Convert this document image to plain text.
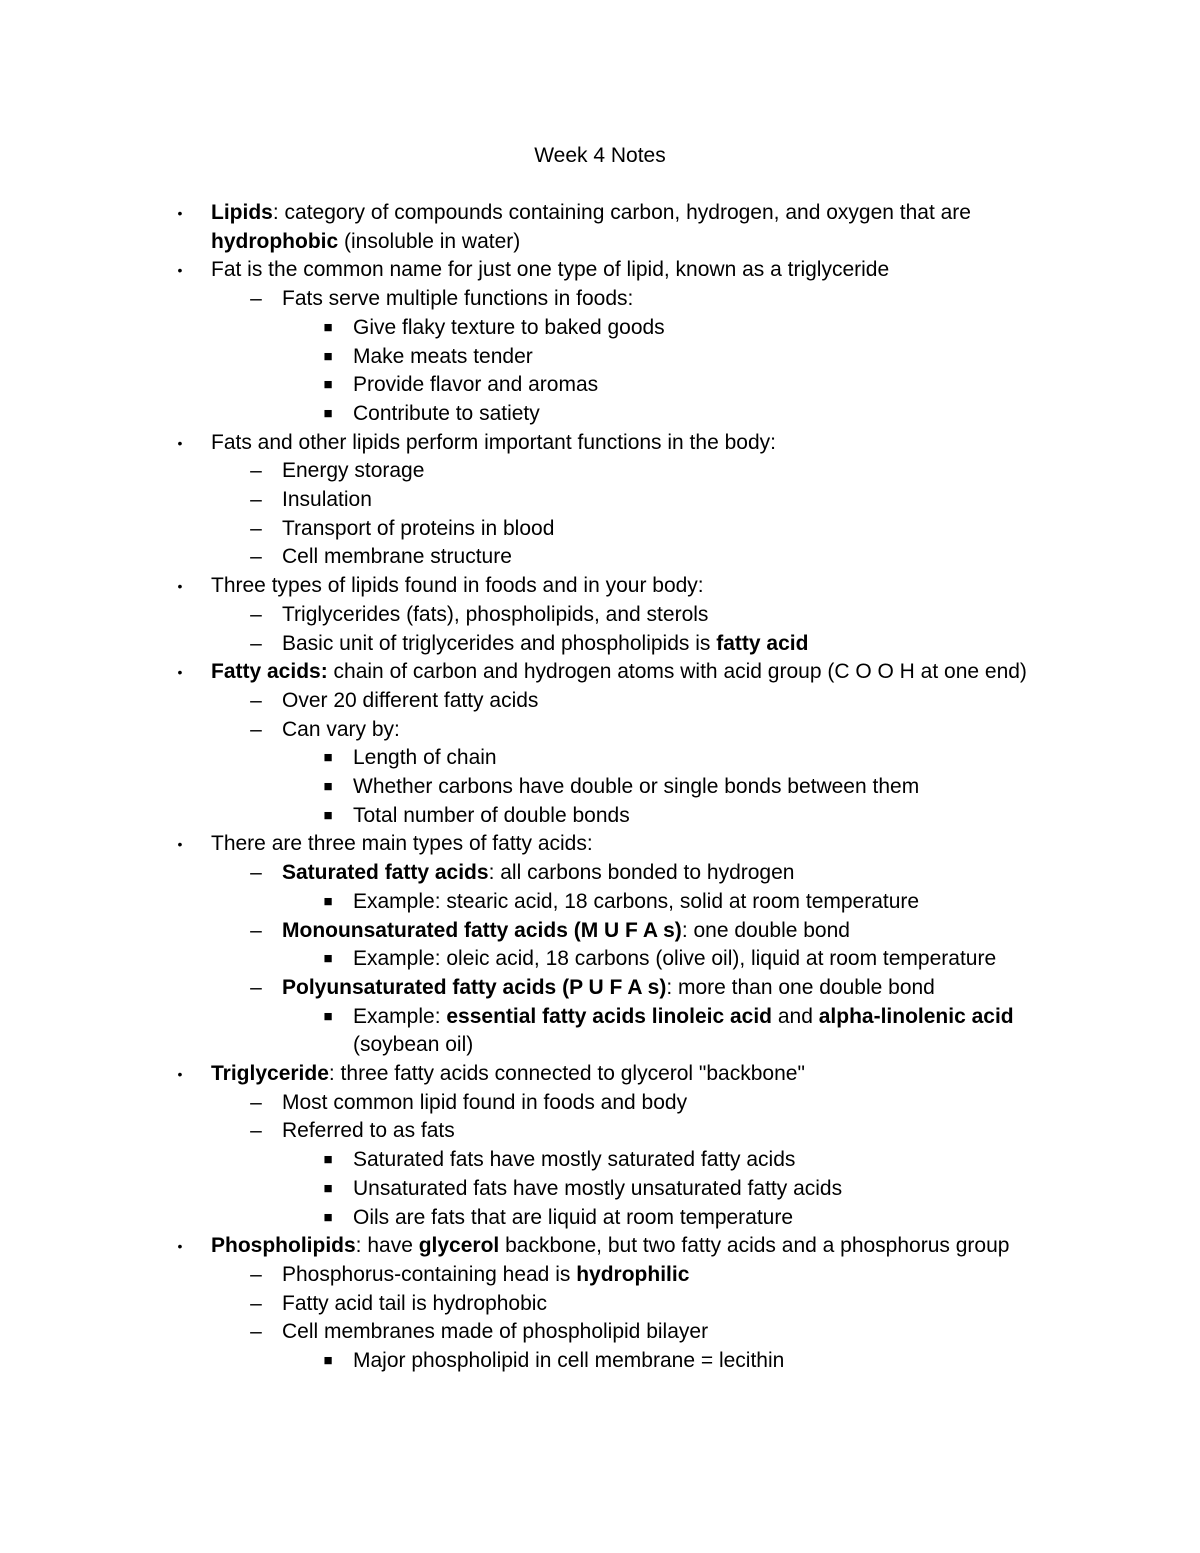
Week 4 Notes
• Lipids: category of compounds containing carbon, hydrogen, and oxygen that are
hydrophobic (insoluble in water)
• Fat is the common name for just one type of lipid, known as a triglyceride
– Fats serve multiple functions in foods:
■ Give flaky texture to baked goods
■ Make meats tender
■ Provide flavor and aromas
■ Contribute to satiety
• Fats and other lipids perform important functions in the body:
– Energy storage
– Insulation
– Transport of proteins in blood
– Cell membrane structure
• Three types of lipids found in foods and in your body:
– Triglycerides (fats), phospholipids, and sterols
– Basic unit of triglycerides and phospholipids is fatty acid
• Fatty acids: chain of carbon and hydrogen atoms with acid group (C O O H at one end)
– Over 20 different fatty acids
– Can vary by:
■ Length of chain
■ Whether carbons have double or single bonds between them
■ Total number of double bonds
• There are three main types of fatty acids:
– Saturated fatty acids: all carbons bonded to hydrogen
■ Example: stearic acid, 18 carbons, solid at room temperature
– Monounsaturated fatty acids (M U F A s): one double bond
■ Example: oleic acid, 18 carbons (olive oil), liquid at room temperature
– Polyunsaturated fatty acids (P U F A s): more than one double bond
■ Example: essential fatty acids linoleic acid and alpha-linolenic acid
(soybean oil)
• Triglyceride: three fatty acids connected to glycerol "backbone"
– Most common lipid found in foods and body
– Referred to as fats
■ Saturated fats have mostly saturated fatty acids
■ Unsaturated fats have mostly unsaturated fatty acids
■ Oils are fats that are liquid at room temperature
• Phospholipids: have glycerol backbone, but two fatty acids and a phosphorus group
– Phosphorus-containing head is hydrophilic
– Fatty acid tail is hydrophobic
– Cell membranes made of phospholipid bilayer
■ Major phospholipid in cell membrane = lecithin
